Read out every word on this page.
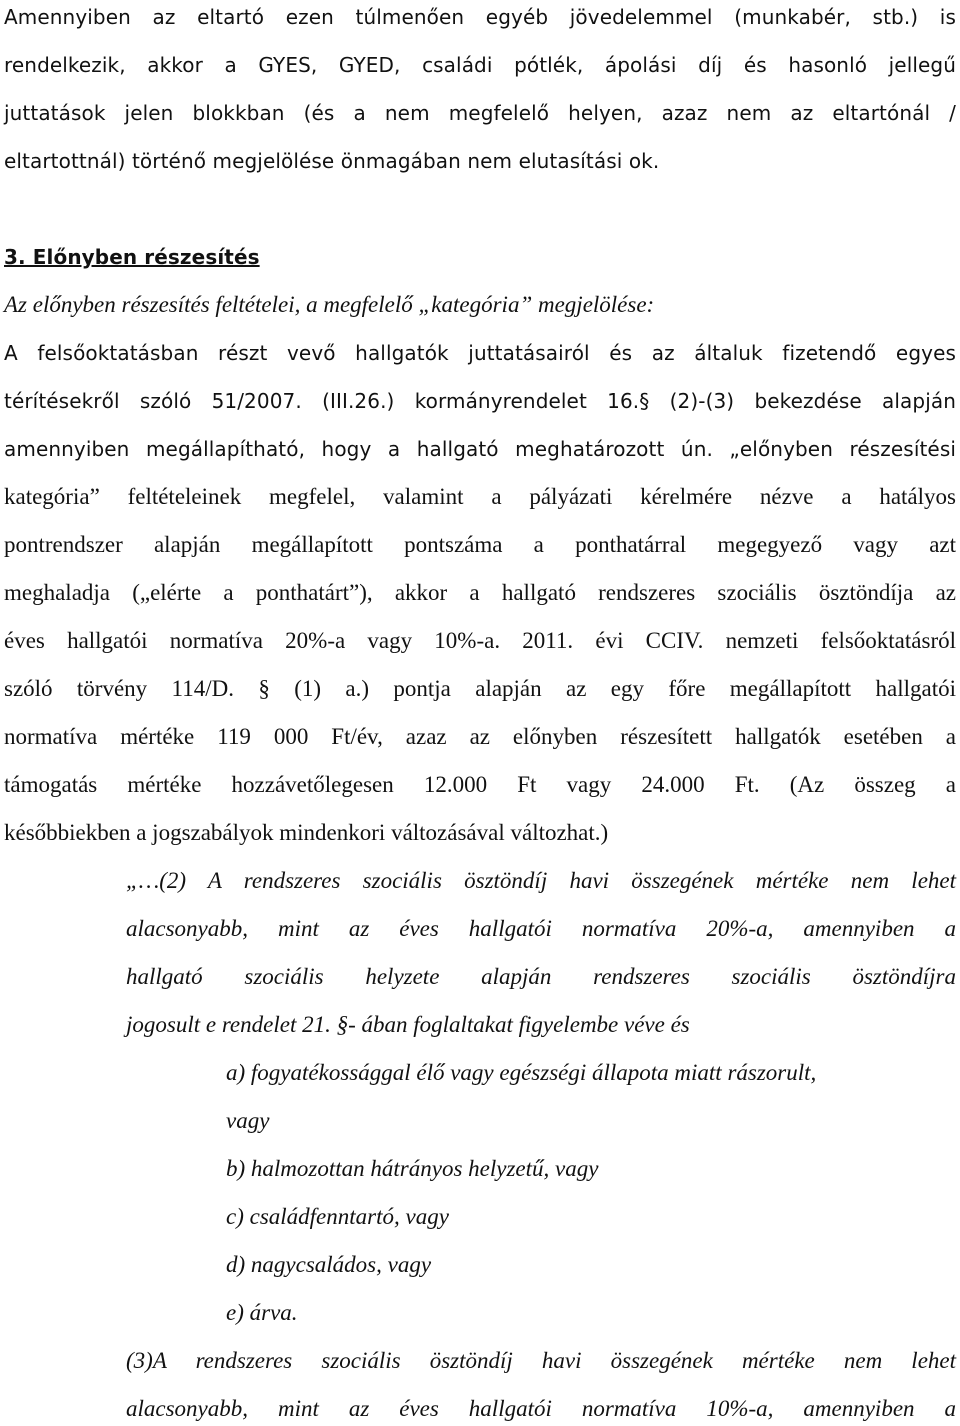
Amennyiben az eltartó ezen túlmenően egyéb jövedelemmel (munkabér, stb.) is
rendelkezik, akkor a GYES, GYED, családi pótlék, ápolási díj és hasonló jellegű
juttatások jelen blokkban (és a nem megfelelő helyen, azaz nem az eltartónál /
eltartottnál) történő megjelölése önmagában nem elutasítási ok.
3. Előnyben részesítés
Az előnyben részesítés feltételei, a megfelelő „kategória” megjelölése:
A felsőoktatásban részt vevő hallgatók juttatásairól és az általuk fizetendő egyes
térítésekről szóló 51/2007. (III.26.) kormányrendelet 16.§ (2)-(3) bekezdése alapján
amennyiben megállapítható, hogy a hallgató meghatározott ún. „előnyben részesítési
kategória” feltételeinek megfelel, valamint a pályázati kérelmére nézve a hatályos
pontrendszer alapján megállapított pontszáma a ponthatárral megegyező vagy azt
meghaladja („elérte a ponthatárt”), akkor a hallgató rendszeres szociális ösztöndíja az
éves hallgatói normatíva 20%-a vagy 10%-a. 2011. évi CCIV. nemzeti felsőoktatásról
szóló törvény 114/D. § (1) a.) pontja alapján az egy főre megállapított hallgatói
normatíva mértéke 119 000 Ft/év, azaz az előnyben részesített hallgatók esetében a
támogatás mértéke hozzávetőlegesen 12.000 Ft vagy 24.000 Ft. (Az összeg a
későbbiekben a jogszabályok mindenkori változásával változhat.)
„…(2) A rendszeres szociális ösztöndíj havi összegének mértéke nem lehet
alacsonyabb, mint az éves hallgatói normatíva 20%-a, amennyiben a
hallgató szociális helyzete alapján rendszeres szociális ösztöndíjra
jogosult e rendelet 21. §- ában foglaltakat figyelembe véve és
a) fogyatékossággal élő vagy egészségi állapota miatt rászorult,
vagy
b) halmozottan hátrányos helyzetű, vagy
c) családfenntartó, vagy
d) nagycsaládos, vagy
e) árva.
(3)A rendszeres szociális ösztöndíj havi összegének mértéke nem lehet
alacsonyabb, mint az éves hallgatói normatíva 10%-a, amennyiben a
